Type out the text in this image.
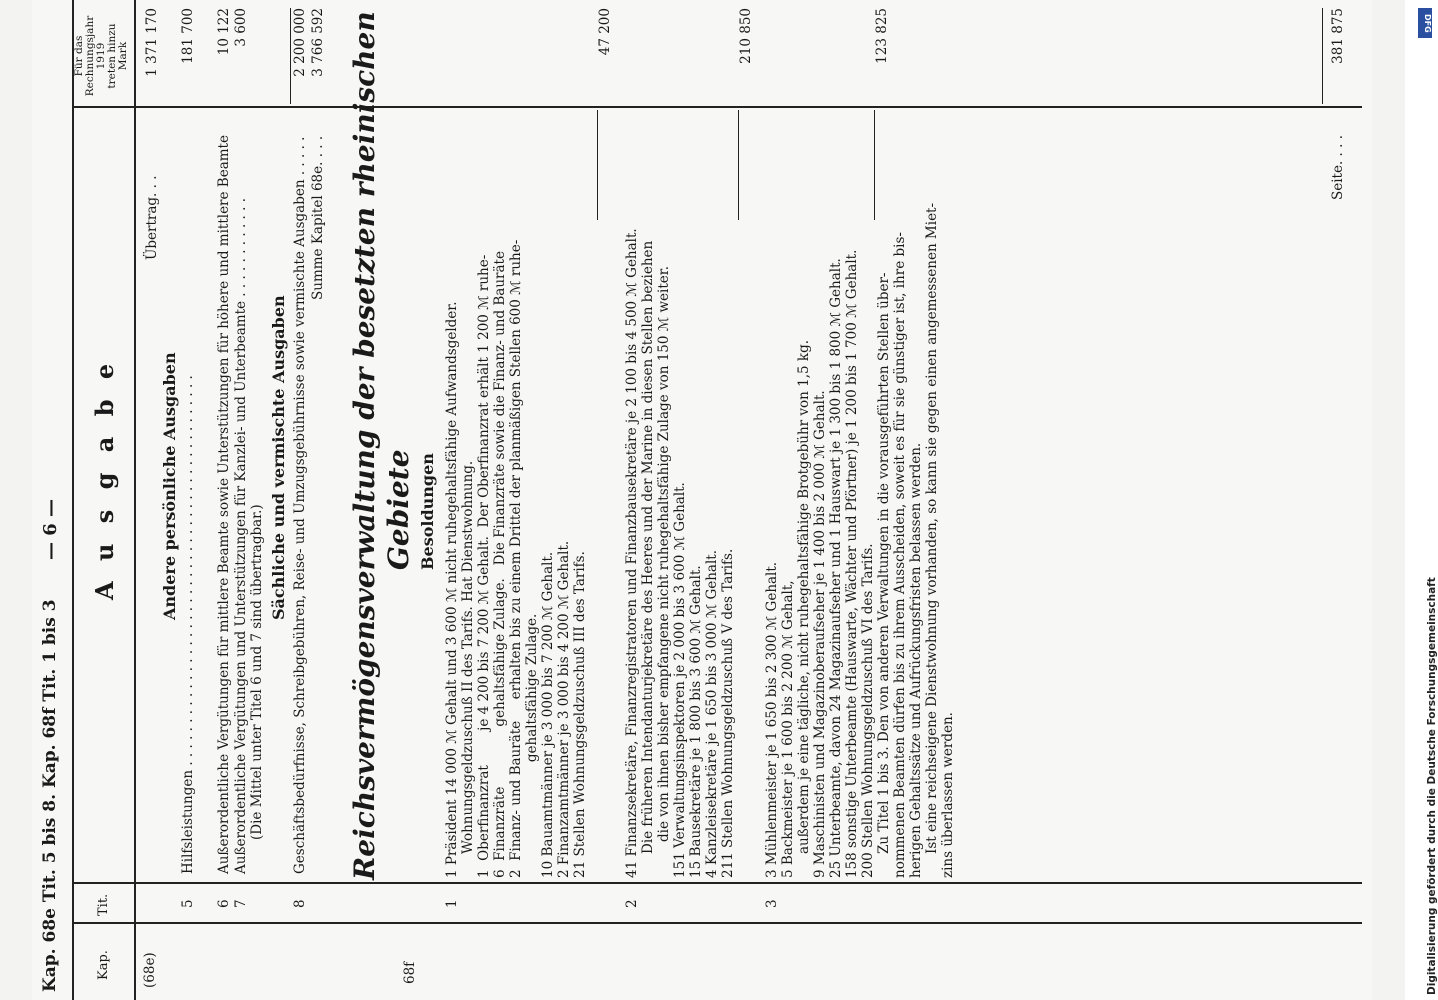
Kap. 68e Tit. 5 bis 8. Kap. 68f Tit. 1 bis 3
— 6 —
Kap.
Tit.
A u s g a b e
Für das Rechnungsjahr 1919 treten hinzu Mark
(68e)	68f
Übertrag. . .
1 371 170
Andere persönliche Ausgaben
5
Hilfsleistungen . . . . . . . . . . . . . . . . . . . . . . . . . . . . . . . . . . . . . . . . . . . . . .
181 700
6
Außerordentliche Vergütungen für mittlere Beamte sowie Unterstützungen für höhere und mittlere Beamte
10 122
7
Außerordentliche Vergütungen und Unterstützungen für Kanzlei- und Unterbeamte . . . . . . . . . . . .
3 600
(Die Mittel unter Titel 6 und 7 sind übertragbar.)
Sächliche und vermischte Ausgaben
8
Geschäftsbedürfnisse, Schreibgebühren, Reise- und Umzugsgebührnisse sowie vermischte Ausgaben . . . . .
2 200 000
Summe Kapitel 68e. . . .
3 766 592 Reichsvermögensverwaltung der besetzten rheinischen Gebiete Besoldungen
1
1 Präsident 14 000 ℳ Gehalt und 3 600 ℳ nicht ruhegehaltsfähige Aufwandsgelder. Wohnungsgeldzuschuß II des Tarifs. Hat Dienstwohnung. 1  Oberfinanzrat        je 4 200 bis 7 200 ℳ Gehalt.  Der Oberfinanzrat erhält 1 200 ℳ ruhe- 6  Finanzräte              gehaltsfähige Zulage.   Die Finanzräte sowie die Finanz- und Bauräte 2  Finanz- und Bauräte     erhalten bis zu einem Drittel der planmäßigen Stellen 600 ℳ ruhe- gehaltsfähige Zulage. 10 Bauamtmänner je 3 000 bis 7 200 ℳ Gehalt. 2 Finanzamtmänner je 3 000 bis 4 200 ℳ Gehalt. 21 Stellen Wohnungsgeldzuschuß III des Tarifs.
47 200
2
41 Finanzsekretäre, Finanzregistratoren und Finanzbausekretäre je 2 100 bis 4 500 ℳ Gehalt. Die früheren Intendanturjekretäre des Heeres und der Marine in diesen Stellen beziehen die von ihnen bisher empfangene nicht ruhegehaltsfähige Zulage von 150 ℳ weiter. 151 Verwaltungsinspektoren je 2 000 bis 3 600 ℳ Gehalt. 15 Bausekretäre je 1 800 bis 3 600 ℳ Gehalt. 4 Kanzleisekretäre je 1 650 bis 3 000 ℳ Gehalt. 211 Stellen Wohnungsgeldzuschuß V des Tarifs.
210 850
3
3 Mühlenmeister je 1 650 bis 2 300 ℳ Gehalt. 5 Backmeister je 1 600 bis 2 200 ℳ Gehalt, außerdem je eine tägliche, nicht ruhegehaltsfähige Brotgebühr von 1,5 kg. 9 Maschinisten und Magazinoberaufseher je 1 400 bis 2 000 ℳ Gehalt. 25 Unterbeamte, davon 24 Magazinaufseher und 1 Hauswart je 1 300 bis 1 800 ℳ Gehalt. 158 sonstige Unterbeamte (Hauswarte, Wächter und Pförtner) je 1 200 bis 1 700 ℳ Gehalt. 200 Stellen Wohnungsgeldzuschuß VI des Tarifs. Zu Titel 1 bis 3. Den von anderen Verwaltungen in die vorausgeführten Stellen über- nommenen Beamten dürfen bis zu ihrem Ausscheiden, soweit es für sie günstiger ist, ihre bis- herigen Gehaltssätze und Aufrückungsfristen belassen werden. Ist eine reichseigene Dienstwohnung vorhanden, so kann sie gegen einen angemessenen Miet- zins überlassen werden.
123 825
Seite. . . .
381 875	DFG
Digitalisierung gefördert durch die Deutsche Forschungsgemeinschaft
